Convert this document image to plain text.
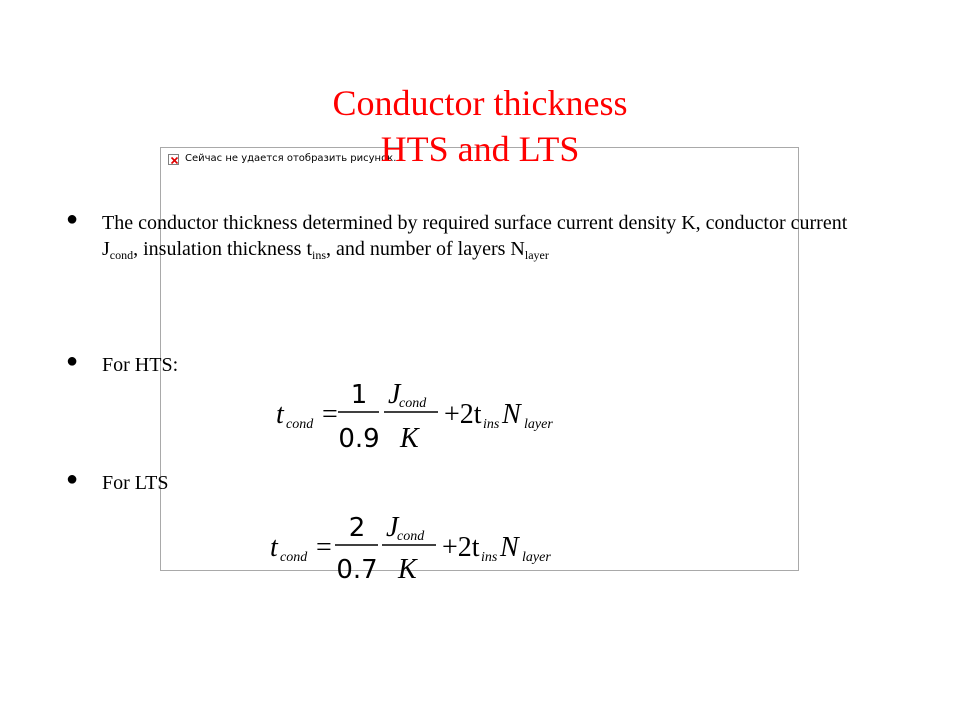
Сейчас не удается отобразить рисунок.
Conductor thickness
HTS and LTS
● The conductor thickness determined by required surface current density K, conductor current $J_{cond}$, insulation thickness $t_{ins}$, and number of layers $N_{layer}$
● For HTS:
t cond =
1
0.9
J
cond
K
+2t ins N layer
● For LTS
t cond =
2
0.7
J
cond
K
+2t ins N layer
